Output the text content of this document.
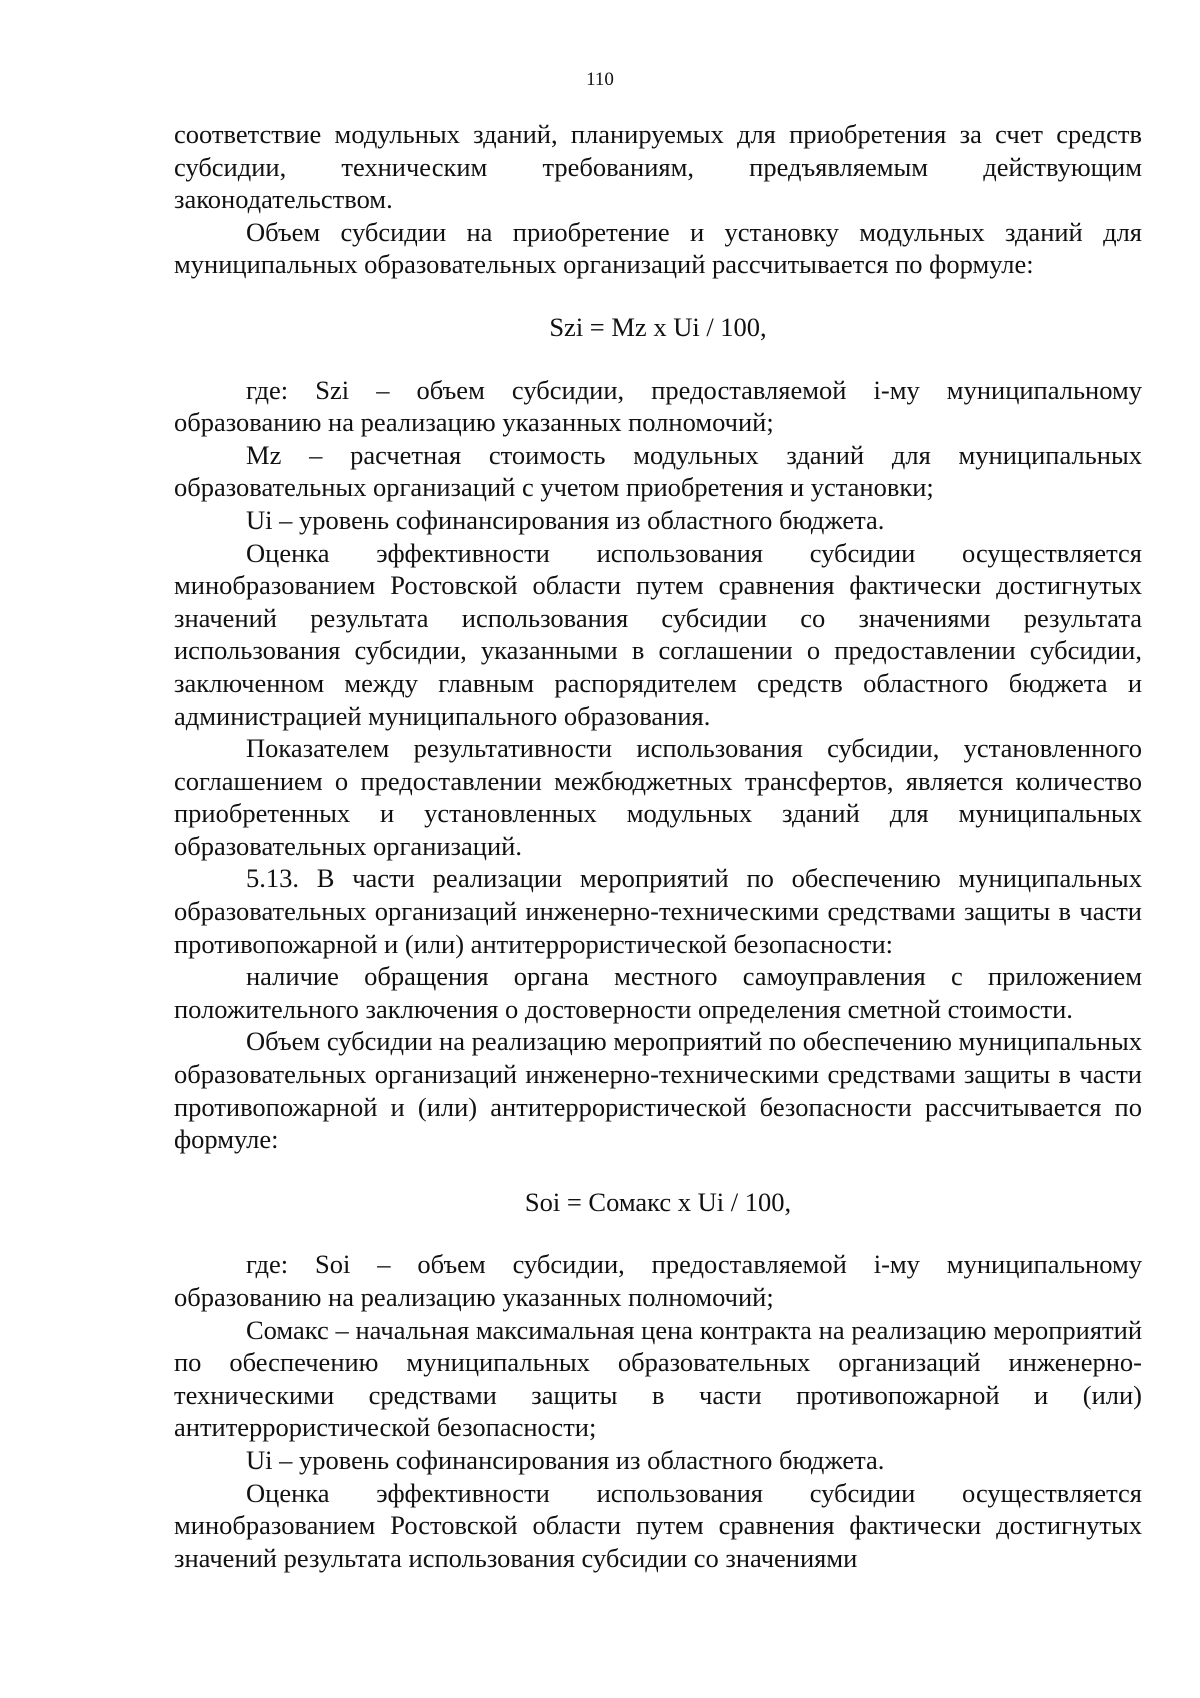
110

соответствие модульных зданий, планируемых для приобретения за счет средств субсидии, техническим требованиям, предъявляемым действующим законодательством.

Объем субсидии на приобретение и установку модульных зданий для муниципальных образовательных организаций рассчитывается по формуле:

Szi = Mz x Ui / 100,

где: Szi – объем субсидии, предоставляемой i-му муниципальному образованию на реализацию указанных полномочий;

Mz – расчетная стоимость модульных зданий для муниципальных образовательных организаций с учетом приобретения и установки;

Ui – уровень софинансирования из областного бюджета.

Оценка эффективности использования субсидии осуществляется минобразованием Ростовской области путем сравнения фактически достигнутых значений результата использования субсидии со значениями результата использования субсидии, указанными в соглашении о предоставлении субсидии, заключенном между главным распорядителем средств областного бюджета и администрацией муниципального образования.

Показателем результативности использования субсидии, установленного соглашением о предоставлении межбюджетных трансфертов, является количество приобретенных и установленных модульных зданий для муниципальных образовательных организаций.

5.13. В части реализации мероприятий по обеспечению муниципальных образовательных организаций инженерно-техническими средствами защиты в части противопожарной и (или) антитеррористической безопасности:

наличие обращения органа местного самоуправления с приложением положительного заключения о достоверности определения сметной стоимости.

Объем субсидии на реализацию мероприятий по обеспечению муниципальных образовательных организаций инженерно-техническими средствами защиты в части противопожарной и (или) антитеррористической безопасности рассчитывается по формуле:

Soi = Сомакс x Ui / 100,

где: Soi – объем субсидии, предоставляемой i-му муниципальному образованию на реализацию указанных полномочий;

Сомакс – начальная максимальная цена контракта на реализацию мероприятий по обеспечению муниципальных образовательных организаций инженерно-техническими средствами защиты в части противопожарной и (или) антитеррористической безопасности;

Ui – уровень софинансирования из областного бюджета.

Оценка эффективности использования субсидии осуществляется минобразованием Ростовской области путем сравнения фактически достигнутых значений результата использования субсидии со значениями
